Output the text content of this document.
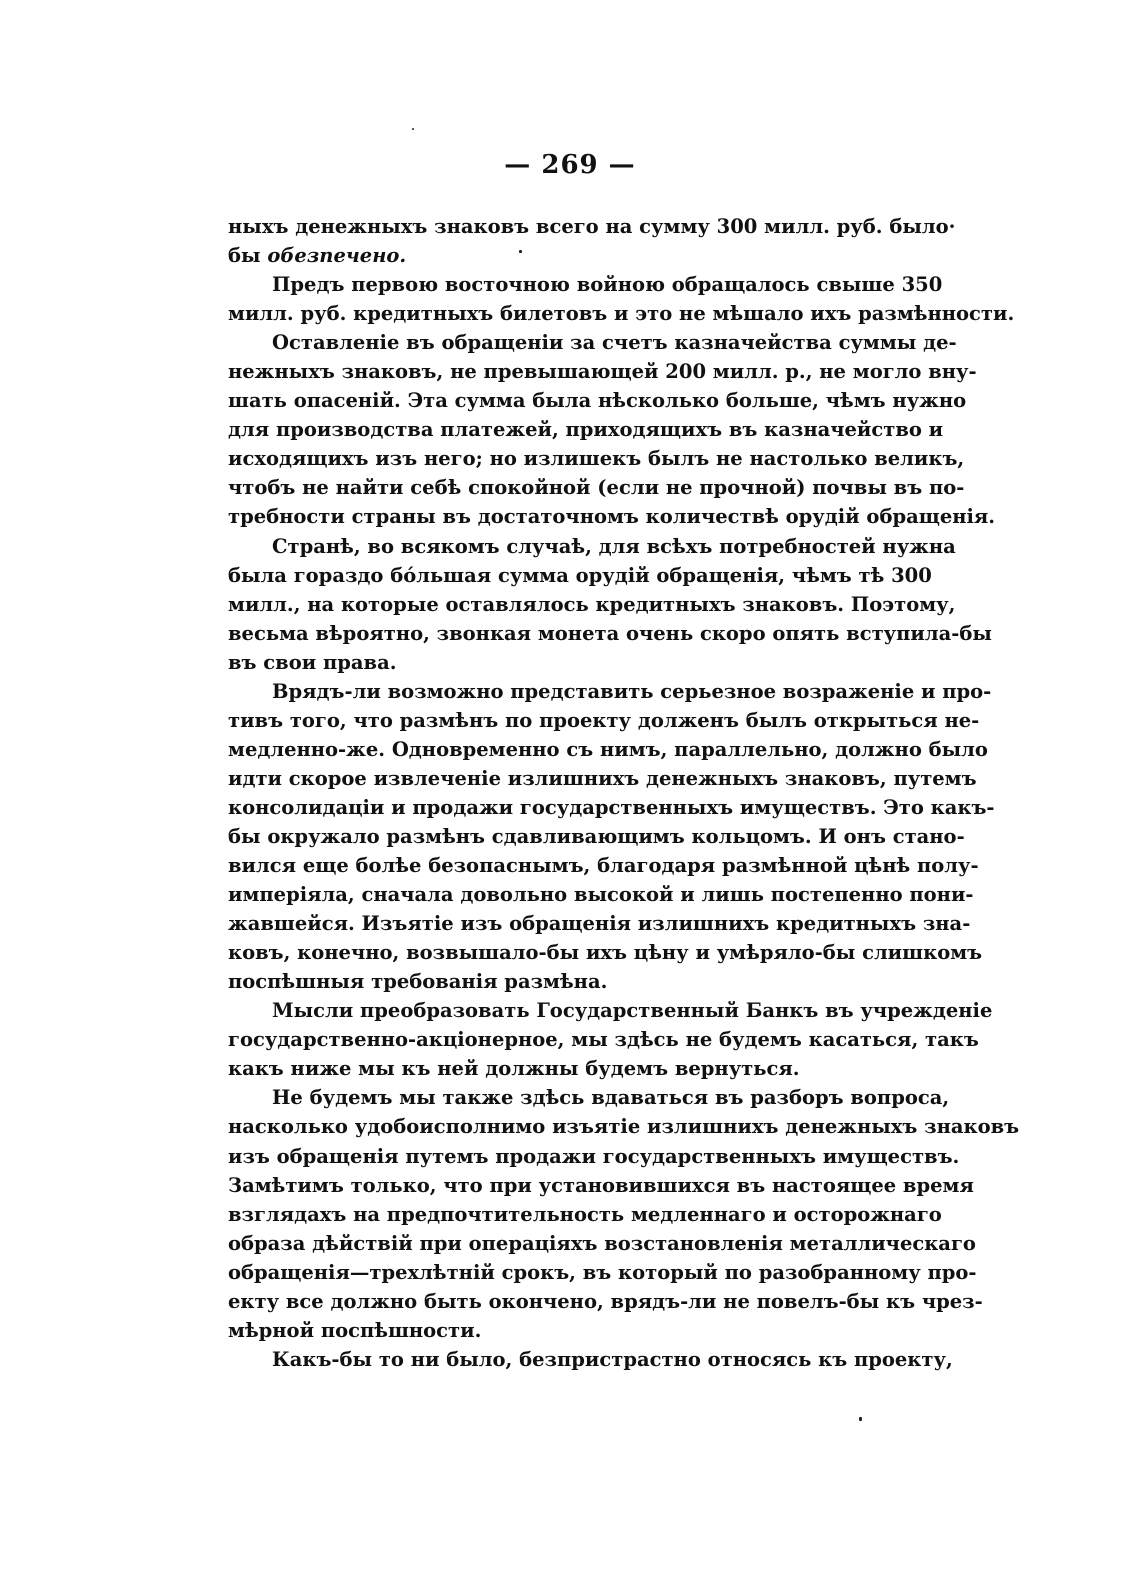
— 269 —
ныхъ денежныхъ знаковъ всего на сумму 300 милл. руб. было·
бы обезпечено.
Предъ первою восточною войною обращалось свыше 350
милл. руб. кредитныхъ билетовъ и это не мѣшало ихъ размѣнности.
Оставленіе въ обращеніи за счетъ казначейства суммы де-
нежныхъ знаковъ, не превышающей 200 милл. р., не могло вну-
шать опасеній. Эта сумма была нѣсколько больше, чѣмъ нужно
для производства платежей, приходящихъ въ казначейство и
исходящихъ изъ него; но излишекъ былъ не настолько великъ,
чтобъ не найти себѣ спокойной (если не прочной) почвы въ по-
требности страны въ достаточномъ количествѣ орудій обращенія.
Странѣ, во всякомъ случаѣ, для всѣхъ потребностей нужна
была гораздо бо́льшая сумма орудій обращенія, чѣмъ тѣ 300
милл., на которые оставлялось кредитныхъ знаковъ. Поэтому,
весьма вѣроятно, звонкая монета очень скоро опять вступила-бы
въ свои права.
Врядъ-ли возможно представить серьезное возраженіе и про-
тивъ того, что размѣнъ по проекту долженъ былъ открыться не-
медленно-же. Одновременно съ нимъ, параллельно, должно было
идти скорое извлеченіе излишнихъ денежныхъ знаковъ, путемъ
консолидаціи и продажи государственныхъ имуществъ. Это какъ-
бы окружало размѣнъ сдавливающимъ кольцомъ. И онъ стано-
вился еще болѣе безопаснымъ, благодаря размѣнной цѣнѣ полу-
имперіяла, сначала довольно высокой и лишь постепенно пони-
жавшейся. Изъятіе изъ обращенія излишнихъ кредитныхъ зна-
ковъ, конечно, возвышало-бы ихъ цѣну и умѣряло-бы слишкомъ
поспѣшныя требованія размѣна.
Мысли преобразовать Государственный Банкъ въ учрежденіе
государственно-акціонерное, мы здѣсь не будемъ касаться, такъ
какъ ниже мы къ ней должны будемъ вернуться.
Не будемъ мы также здѣсь вдаваться въ разборъ вопроса,
насколько удобоисполнимо изъятіе излишнихъ денежныхъ знаковъ
изъ обращенія путемъ продажи государственныхъ имуществъ.
Замѣтимъ только, что при установившихся въ настоящее время
взглядахъ на предпочтительность медленнаго и осторожнаго
образа дѣйствій при операціяхъ возстановленія металлическаго
обращенія—трехлѣтній срокъ, въ который по разобранному про-
екту все должно быть окончено, врядъ-ли не повелъ-бы къ чрез-
мѣрной поспѣшности.
Какъ-бы то ни было, безпристрастно относясь къ проекту,
